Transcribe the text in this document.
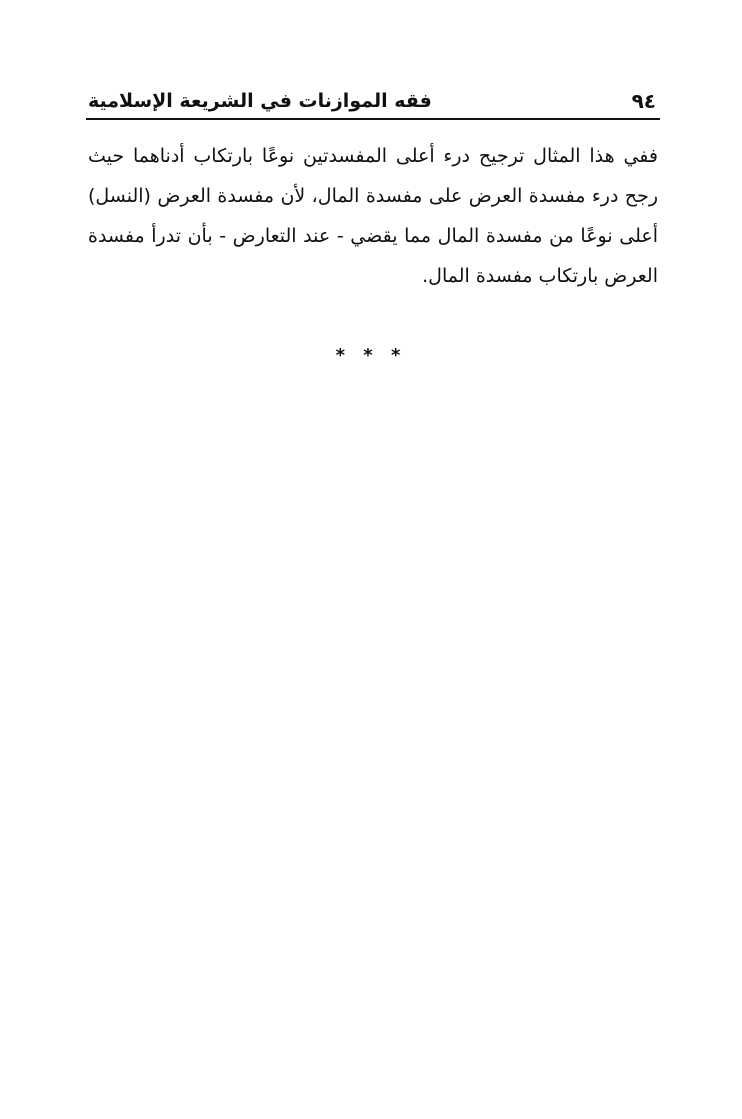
فقه الموازنات في الشريعة الإسلامية	٩٤

ففي هذا المثال ترجيح درء أعلى المفسدتين نوعًا بارتكاب أدناهما حيث رجح درء مفسدة العرض على مفسدة المال، لأن مفسدة العرض (النسل) أعلى نوعًا من مفسدة المال مما يقضي - عند التعارض - بأن تدرأ مفسدة العرض بارتكاب مفسدة المال.

* * *
